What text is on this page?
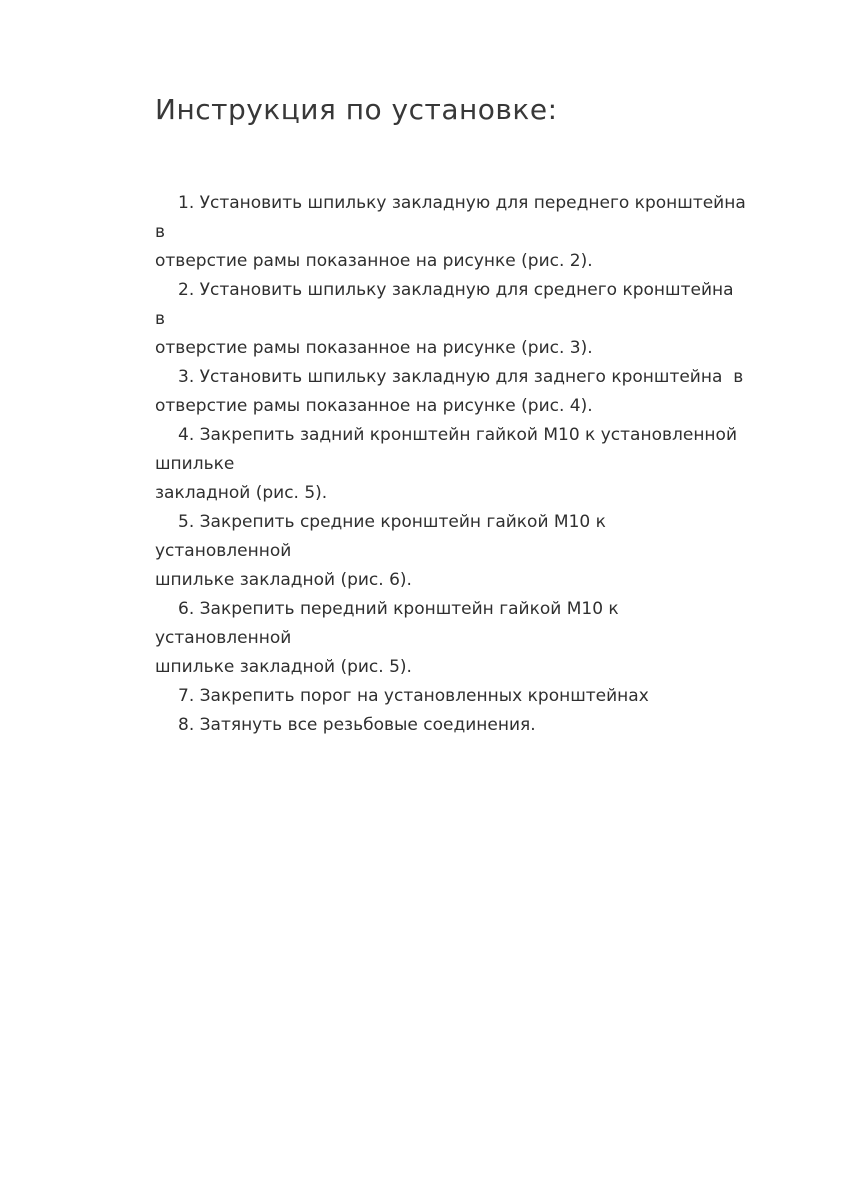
Инструкция по установке:

1. Установить шпильку закладную для переднего кронштейна в
отверстие рамы показанное на рисунке (рис. 2).

2. Установить шпильку закладную для среднего кронштейна в
отверстие рамы показанное на рисунке (рис. 3).

3. Установить шпильку закладную для заднего кронштейна  в
отверстие рамы показанное на рисунке (рис. 4).

4. Закрепить задний кронштейн гайкой М10 к установленной шпильке
закладной (рис. 5).

5. Закрепить средние кронштейн гайкой М10 к установленной
шпильке закладной (рис. 6).

6. Закрепить передний кронштейн гайкой М10 к установленной
шпильке закладной (рис. 5).

7. Закрепить порог на установленных кронштейнах

8. Затянуть все резьбовые соединения.
